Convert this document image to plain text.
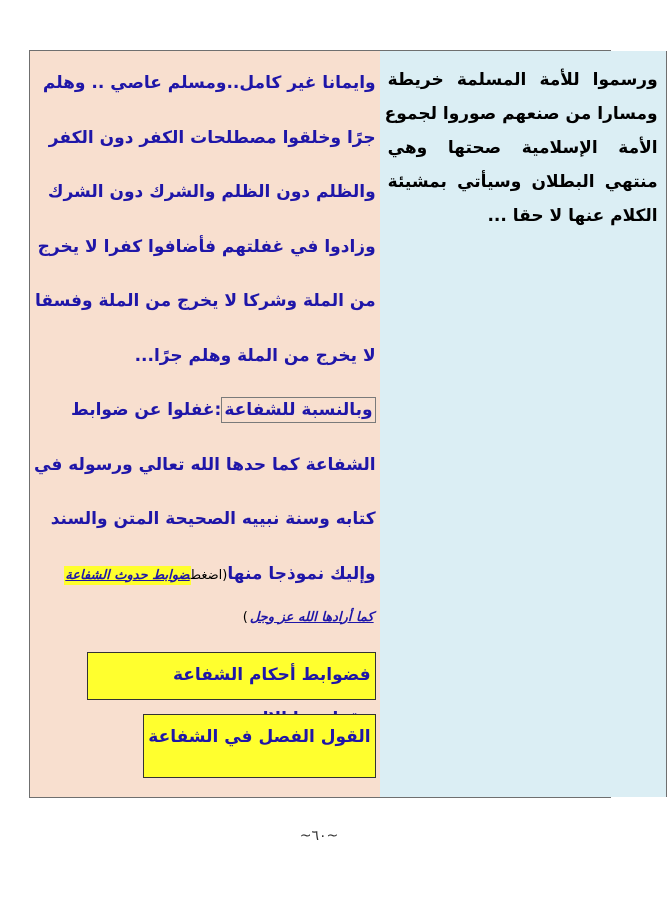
وايمانا غير كامل..ومسلم عاصي .. وهلم
جرًا وخلقوا مصطلحات الكفر دون الكفر
والظلم دون الظلم والشرك دون الشرك
وزادوا في غفلتهم فأضافوا كفرا لا يخرج
من الملة وشركا لا يخرج من الملة وفسقا
لا يخرج من الملة وهلم جرًا...
وبالنسبة للشفاعة:غفلوا عن ضوابط
الشفاعة كما حدها الله تعالي ورسوله في
كتابه وسنة نبييه الصحيحة المتن والسند
وإليك نموذجا منها(اضغطضوابط حدوث الشفاعة
كما أرادها الله عز وجل)
فضوابط أحكام الشفاعة
القول الفصل في الشفاعة
ورسموا للأمة المسلمة خريطة
ومسارا من صنعهم صوروا لجموع
الأمة الإسلامية صحتها وهي
منتهي البطلان وسيأتي بمشيئة
الكلام عنها لا حقا ...
~٦٠~
